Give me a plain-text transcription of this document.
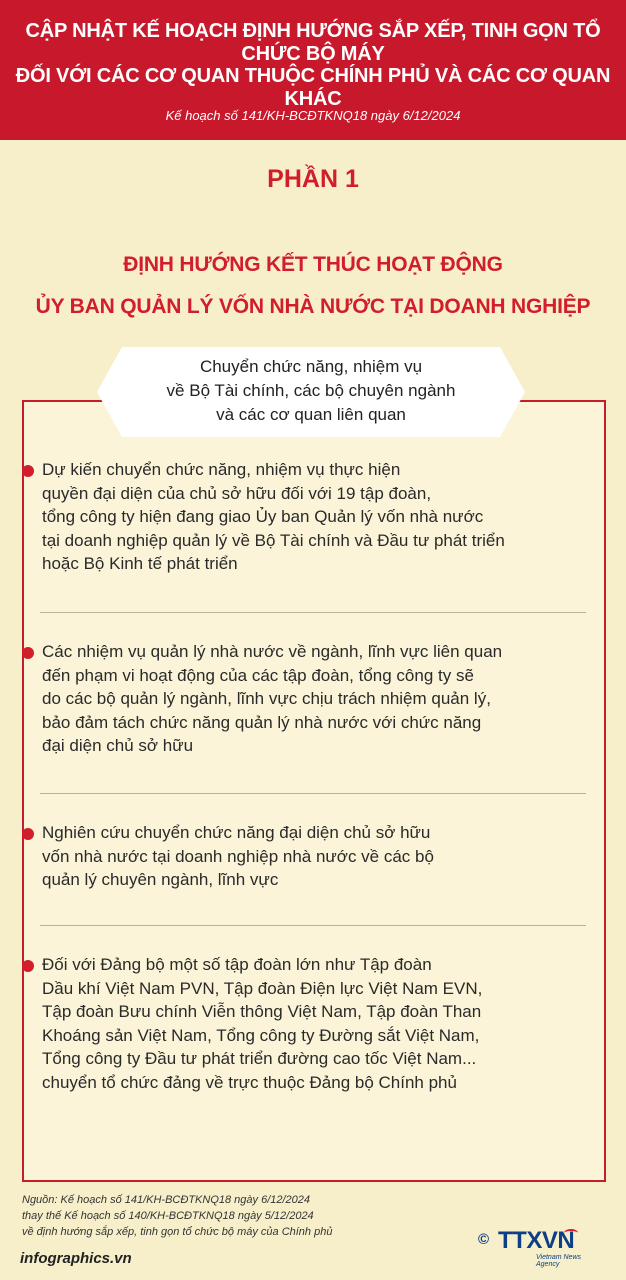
CẬP NHẬT KẾ HOẠCH ĐỊNH HƯỚNG SẮP XẾP, TINH GỌN TỔ CHỨC BỘ MÁY
ĐỐI VỚI CÁC CƠ QUAN THUỘC CHÍNH PHỦ VÀ CÁC CƠ QUAN KHÁC
Kế hoạch số 141/KH-BCĐTKNQ18 ngày 6/12/2024
PHẦN 1
ĐỊNH HƯỚNG KẾT THÚC HOẠT ĐỘNG
ỦY BAN QUẢN LÝ VỐN NHÀ NƯỚC TẠI DOANH NGHIỆP
Chuyển chức năng, nhiệm vụ
về Bộ Tài chính, các bộ chuyên ngành
và các cơ quan liên quan
Dự kiến chuyển chức năng, nhiệm vụ thực hiện
quyền đại diện của chủ sở hữu đối với 19 tập đoàn,
tổng công ty hiện đang giao Ủy ban Quản lý vốn nhà nước
tại doanh nghiệp quản lý về Bộ Tài chính và Đầu tư phát triển
hoặc Bộ Kinh tế phát triển
Các nhiệm vụ quản lý nhà nước về ngành, lĩnh vực liên quan
đến phạm vi hoạt động của các tập đoàn, tổng công ty sẽ
do các bộ quản lý ngành, lĩnh vực chịu trách nhiệm quản lý,
bảo đảm tách chức năng quản lý nhà nước với chức năng
đại diện chủ sở hữu
Nghiên cứu chuyển chức năng đại diện chủ sở hữu
vốn nhà nước tại doanh nghiệp nhà nước về các bộ
quản lý chuyên ngành, lĩnh vực
Đối với Đảng bộ một số tập đoàn lớn như Tập đoàn
Dầu khí Việt Nam PVN, Tập đoàn Điện lực Việt Nam EVN,
Tập đoàn Bưu chính Viễn thông Việt Nam, Tập đoàn Than
Khoáng sản Việt Nam, Tổng công ty Đường sắt Việt Nam,
Tổng công ty Đầu tư phát triển đường cao tốc Việt Nam...
chuyển tổ chức đảng về trực thuộc Đảng bộ Chính phủ
Nguồn: Kế hoạch số 141/KH-BCĐTKNQ18 ngày 6/12/2024
thay thế Kế hoạch số 140/KH-BCĐTKNQ18 ngày 5/12/2024
về định hướng sắp xếp, tinh gọn tổ chức bộ máy của Chính phủ
infographics.vn
© TTXVN
Vietnam News Agency
